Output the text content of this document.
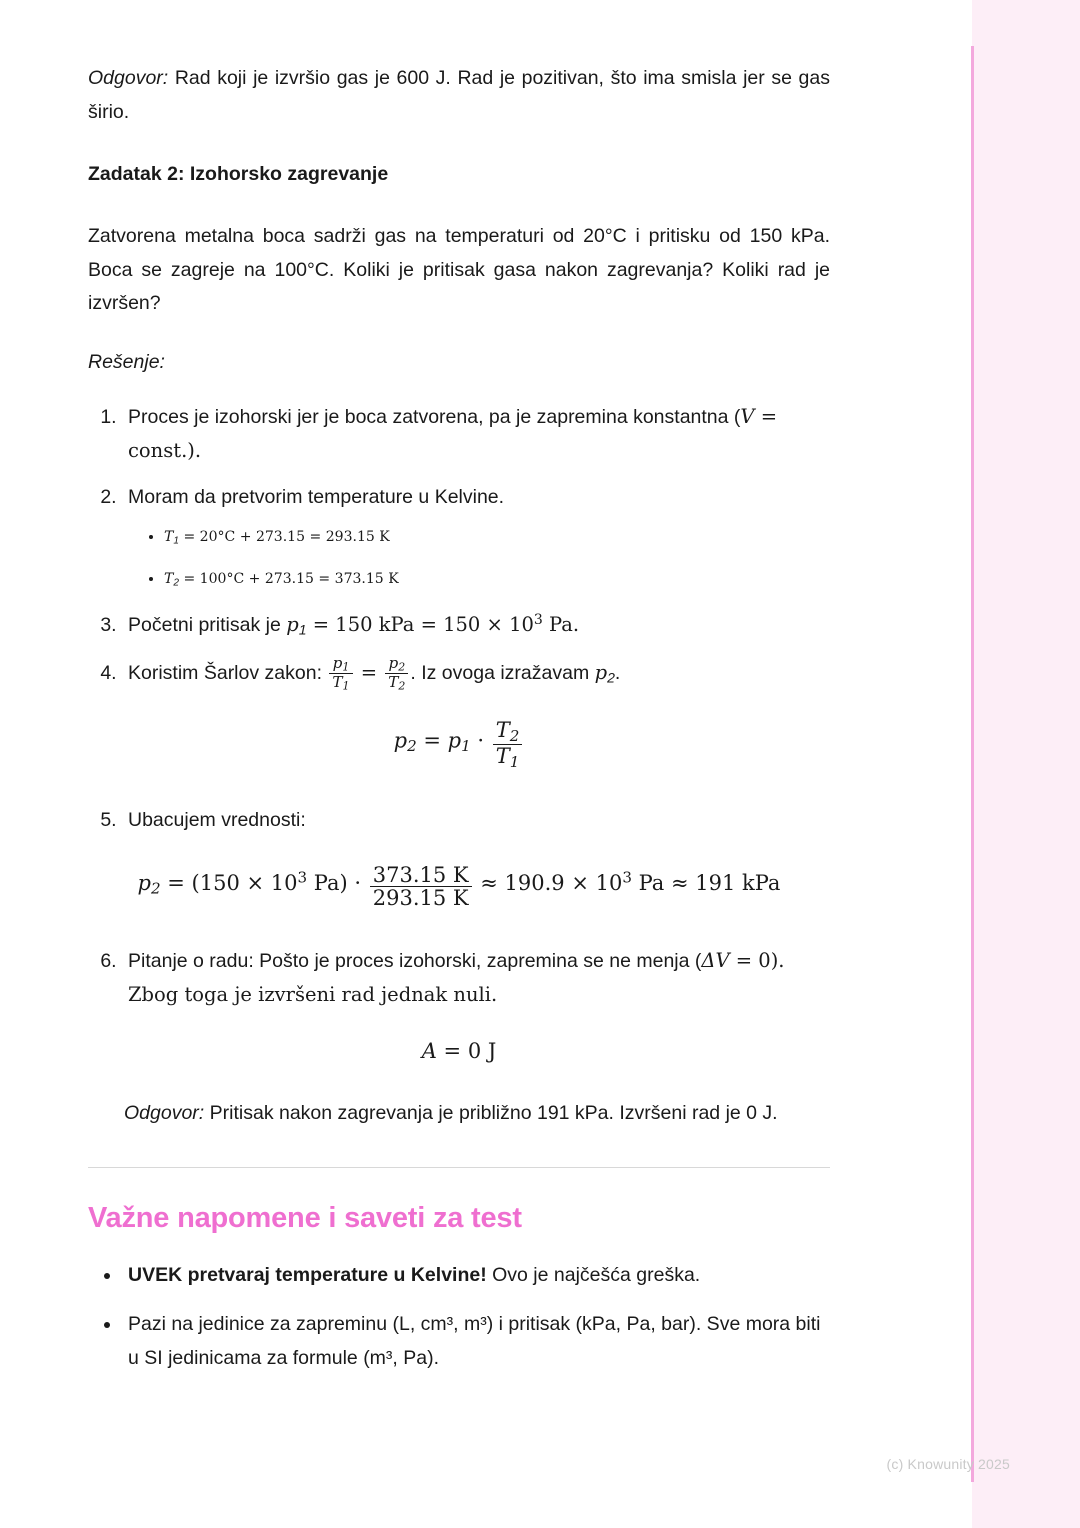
Odgovor: Rad koji je izvršio gas je 600 J. Rad je pozitivan, što ima smisla jer se gas širio.

Zadatak 2: Izohorsko zagrevanje

Zatvorena metalna boca sadrži gas na temperaturi od 20°C i pritisku od 150 kPa. Boca se zagreje na 100°C. Koliki je pritisak gasa nakon zagrevanja? Koliki rad je izvršen?

Rešenje:

1. Proces je izohorski jer je boca zatvorena, pa je zapremina konstantna (V = const.).
2. Moram da pretvorim temperature u Kelvine.
• $T_1 = 20^\circ C + 273.15 = 293.15$ K
• $T_2 = 100^\circ C + 273.15 = 373.15$ K
3. Početni pritisak je $p_1 = 150$ kPa = $150 \times 10^3$ Pa.
4. Koristim Šarlov zakon: $\frac{p_1}{T_1} = \frac{p_2}{T_2}$ . Iz ovoga izražavam $p_2$.
$p_2 = p_1 \cdot \frac{T_2}{T_1}$
5. Ubacujem vrednosti:
$p_2 = (150 \times 10^3$ $Pa) \cdot \frac{373.15 K}{293.15 K} \approx 190.9 \times 10^3$ Pa ≈ 191 kPa
6. Pitanje o radu: Pošto je proces izohorski, zapremina se ne menja (ΔV = 0). Zbog toga je izvršeni rad jednak nuli.
A = 0 J

Odgovor: Pritisak nakon zagrevanja je približno 191 kPa. Izvršeni rad je 0 J.

Važne napomene i saveti za test
• UVEK pretvaraj temperature u Kelvine! Ovo je najčešća greška.
• Pazi na jedinice za zapreminu (L, cm³, m³) i pritisak (kPa, Pa, bar). Sve mora biti u SI jedinicama za formule (m³, Pa).
(c) Knowunity 2025
